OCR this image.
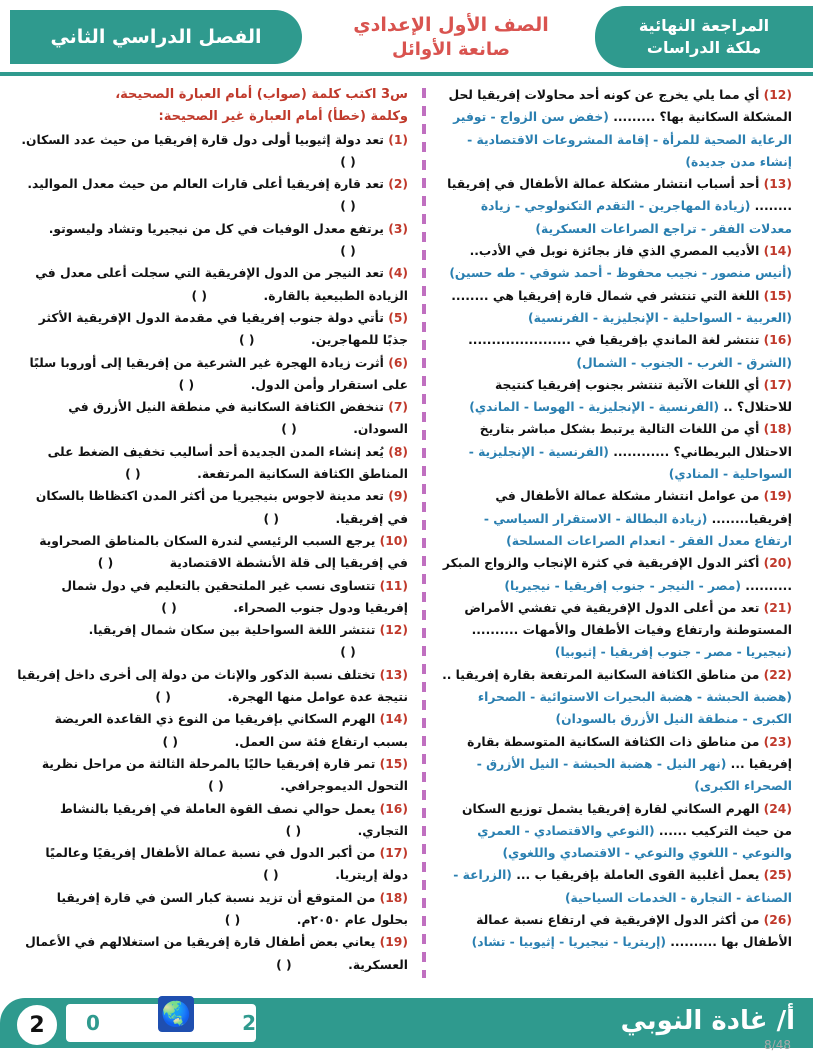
الفصل الدراسي الثاني
الصف الأول الإعدادي
صانعة الأوائل
المراجعة النهائية
ملكة الدراسات
(12) أي مما يلي يخرج عن كونه أحد محاولات إفريقيا لحل المشكلة السكانية بها؟ ......... (خفض سن الزواج - توفير الرعاية الصحية للمرأة - إقامة المشروعات الاقتصادية - إنشاء مدن جديدة)
(13) أحد أسباب انتشار مشكلة عمالة الأطفال في إفريقيا ........ (زيادة المهاجرين - التقدم التكنولوجي - زيادة معدلات الفقر - تراجع الصراعات العسكرية)
(14) الأديب المصري الذي فاز بجائزة نوبل في الأدب.. (أنيس منصور - نجيب محفوظ - أحمد شوقي - طه حسين)
(15) اللغة التي تنتشر في شمال قارة إفريقيا هي ........ (العربية - السواحلية - الإنجليزية - الفرنسية)
(16) تنتشر لغة الماندي بإفريقيا في ...................... (الشرق - الغرب - الجنوب - الشمال)
(17) أي اللغات الآتية تنتشر بجنوب إفريقيا كنتيجة للاحتلال؟ .. (الفرنسية - الإنجليزية - الهوسا - الماندي)
(18) أي من اللغات التالية يرتبط بشكل مباشر بتاريخ الاحتلال البريطاني؟ ............ (الفرنسية - الإنجليزية - السواحلية - المنادي)
(19) من عوامل انتشار مشكلة عمالة الأطفال في إفريقيا........ (زيادة البطالة - الاستقرار السياسي - ارتفاع معدل الفقر - انعدام الصراعات المسلحة)
(20) أكثر الدول الإفريقية في كثرة الإنجاب والزواج المبكر .......... (مصر - النيجر - جنوب إفريقيا - نيجيريا)
(21) تعد من أعلى الدول الإفريقية في تفشي الأمراض المستوطنة وارتفاع وفيات الأطفال والأمهات .......... (نيجيريا - مصر - جنوب إفريقيا - إثيوبيا)
(22) من مناطق الكثافة السكانية المرتفعة بقارة إفريقيا .. (هضبة الحبشة - هضبة البحيرات الاستوائية - الصحراء الكبرى - منطقة النيل الأزرق بالسودان)
(23) من مناطق ذات الكثافة السكانية المتوسطة بقارة إفريقيا ... (نهر النيل - هضبة الحبشة - النيل الأزرق - الصحراء الكبرى)
(24) الهرم السكاني لقارة إفريقيا يشمل توزيع السكان من حيث التركيب ...... (النوعي والاقتصادي - العمري والنوعي - اللغوي والنوعي - الاقتصادي واللغوي)
(25) يعمل أغلبية القوى العاملة بإفريقيا ب ... (الزراعة - الصناعة - التجارة - الخدمات السياحية)
(26) من أكثر الدول الإفريقية في ارتفاع نسبة عمالة الأطفال بها .......... (إريتريا - نيجيريا - إثيوبيا - تشاد)
س3 اكتب كلمة (صواب) أمام العبارة الصحيحة،
وكلمة (خطأ) أمام العبارة غير الصحيحة:
(1) تعد دولة إثيوبيا أولى دول قارة إفريقيا من حيث عدد السكان. ( )
(2) تعد قارة إفريقيا أعلى قارات العالم من حيث معدل المواليد. ( )
(3) يرتفع معدل الوفيات في كل من نيجيريا وتشاد وليسوتو. ( )
(4) تعد النيجر من الدول الإفريقية التي سجلت أعلى معدل في الزيادة الطبيعية بالقارة. ( )
(5) تأتي دولة جنوب إفريقيا في مقدمة الدول الإفريقية الأكثر جذبًا للمهاجرين. ( )
(6) أثرت زيادة الهجرة غير الشرعية من إفريقيا إلى أوروبا سلبًا على استقرار وأمن الدول. ( )
(7) تنخفض الكثافة السكانية في منطقة النيل الأزرق في السودان. ( )
(8) يُعد إنشاء المدن الجديدة أحد أساليب تخفيف الضغط على المناطق الكثافة السكانية المرتفعة. ( )
(9) تعد مدينة لاجوس بنيجيريا من أكثر المدن اكتظاظا بالسكان في إفريقيا. ( )
(10) يرجع السبب الرئيسي لندرة السكان بالمناطق الصحراوية في إفريقيا إلى قلة الأنشطة الاقتصادية ( )
(11) تتساوى نسب غير الملتحقين بالتعليم في دول شمال إفريقيا ودول جنوب الصحراء. ( )
(12) تنتشر اللغة السواحلية بين سكان شمال إفريقيا. ( )
(13) تختلف نسبة الذكور والإناث من دولة إلى أخرى داخل إفريقيا نتيجة عدة عوامل منها الهجرة. ( )
(14) الهرم السكاني بإفريقيا من النوع ذي القاعدة العريضة بسبب ارتفاع فئة سن العمل. ( )
(15) تمر قارة إفريقيا حاليًا بالمرحلة الثالثة من مراحل نظرية التحول الديموجرافي. ( )
(16) يعمل حوالي نصف القوة العاملة في إفريقيا بالنشاط التجاري. ( )
(17) من أكبر الدول في نسبة عمالة الأطفال إفريقيًا وعالميًا دولة إريتريا. ( )
(18) من المتوقع أن تزيد نسبة كبار السن في قارة إفريقيا بحلول عام ٢٠٥٠م. ( )
(19) يعاني بعض أطفال قارة إفريقيا من استغلالهم في الأعمال العسكرية. ( )
2	0	2
🌏	أ/ غادة النوبي
8/48
